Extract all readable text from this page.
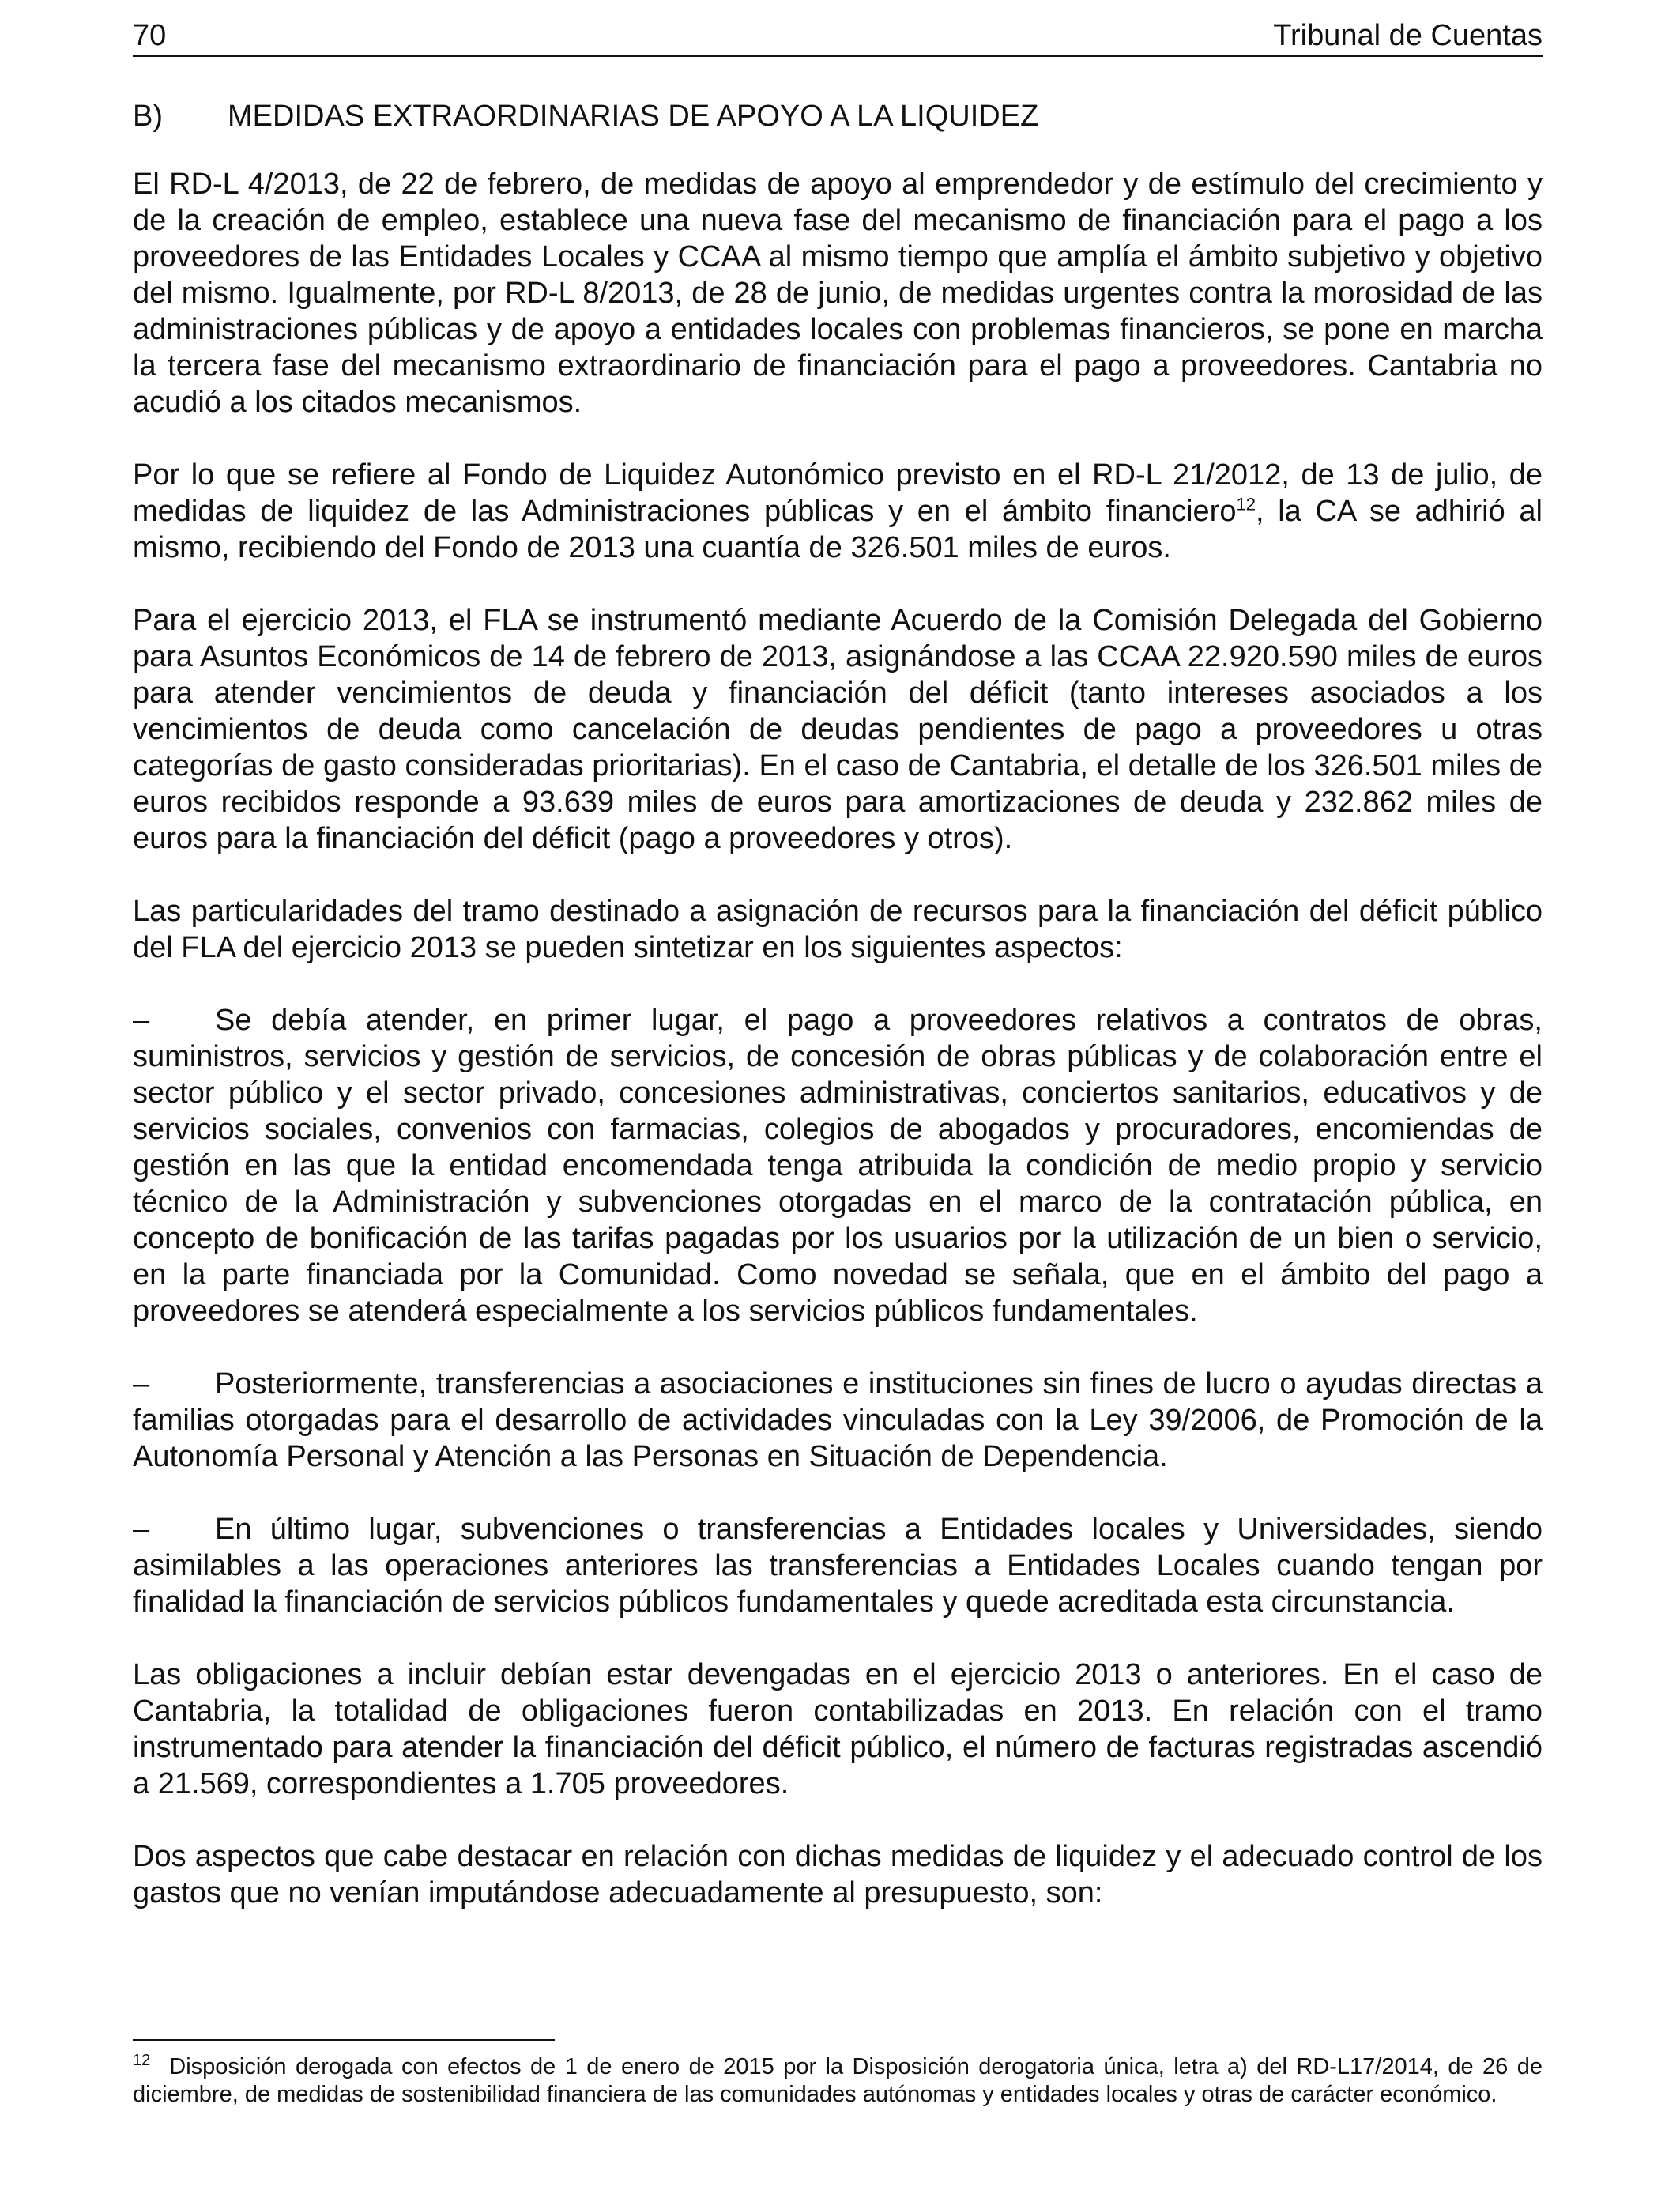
70	Tribunal de Cuentas
B)	MEDIDAS EXTRAORDINARIAS DE APOYO A LA LIQUIDEZ

El RD-L 4/2013, de 22 de febrero, de medidas de apoyo al emprendedor y de estímulo del crecimiento y de la creación de empleo, establece una nueva fase del mecanismo de financiación para el pago a los proveedores de las Entidades Locales y CCAA al mismo tiempo que amplía el ámbito subjetivo y objetivo del mismo. Igualmente, por RD-L 8/2013, de 28 de junio, de medidas urgentes contra la morosidad de las administraciones públicas y de apoyo a entidades locales con problemas financieros, se pone en marcha la tercera fase del mecanismo extraordinario de financiación para el pago a proveedores. Cantabria no acudió a los citados mecanismos.

Por lo que se refiere al Fondo de Liquidez Autonómico previsto en el RD-L 21/2012, de 13 de julio, de medidas de liquidez de las Administraciones públicas y en el ámbito financiero$^{12}$, la CA se adhirió al mismo, recibiendo del Fondo de 2013 una cuantía de 326.501 miles de euros.

Para el ejercicio 2013, el FLA se instrumentó mediante Acuerdo de la Comisión Delegada del Gobierno para Asuntos Económicos de 14 de febrero de 2013, asignándose a las CCAA 22.920.590 miles de euros para atender vencimientos de deuda y financiación del déficit (tanto intereses asociados a los vencimientos de deuda como cancelación de deudas pendientes de pago a proveedores u otras categorías de gasto consideradas prioritarias). En el caso de Cantabria, el detalle de los 326.501 miles de euros recibidos responde a 93.639 miles de euros para amortizaciones de deuda y 232.862 miles de euros para la financiación del déficit (pago a proveedores y otros).

Las particularidades del tramo destinado a asignación de recursos para la financiación del déficit público del FLA del ejercicio 2013 se pueden sintetizar en los siguientes aspectos:

– Se debía atender, en primer lugar, el pago a proveedores relativos a contratos de obras, suministros, servicios y gestión de servicios, de concesión de obras públicas y de colaboración entre el sector público y el sector privado, concesiones administrativas, conciertos sanitarios, educativos y de servicios sociales, convenios con farmacias, colegios de abogados y procuradores, encomiendas de gestión en las que la entidad encomendada tenga atribuida la condición de medio propio y servicio técnico de la Administración y subvenciones otorgadas en el marco de la contratación pública, en concepto de bonificación de las tarifas pagadas por los usuarios por la utilización de un bien o servicio, en la parte financiada por la Comunidad. Como novedad se señala, que en el ámbito del pago a proveedores se atenderá especialmente a los servicios públicos fundamentales.

– Posteriormente, transferencias a asociaciones e instituciones sin fines de lucro o ayudas directas a familias otorgadas para el desarrollo de actividades vinculadas con la Ley 39/2006, de Promoción de la Autonomía Personal y Atención a las Personas en Situación de Dependencia.

– En último lugar, subvenciones o transferencias a Entidades locales y Universidades, siendo asimilables a las operaciones anteriores las transferencias a Entidades Locales cuando tengan por finalidad la financiación de servicios públicos fundamentales y quede acreditada esta circunstancia.

Las obligaciones a incluir debían estar devengadas en el ejercicio 2013 o anteriores. En el caso de Cantabria, la totalidad de obligaciones fueron contabilizadas en 2013. En relación con el tramo instrumentado para atender la financiación del déficit público, el número de facturas registradas ascendió a 21.569, correspondientes a 1.705 proveedores.

Dos aspectos que cabe destacar en relación con dichas medidas de liquidez y el adecuado control de los gastos que no venían imputándose adecuadamente al presupuesto, son:

$^{12}$ Disposición derogada con efectos de 1 de enero de 2015 por la Disposición derogatoria única, letra a) del RD-L17/2014, de 26 de diciembre, de medidas de sostenibilidad financiera de las comunidades autónomas y entidades locales y otras de carácter económico.
